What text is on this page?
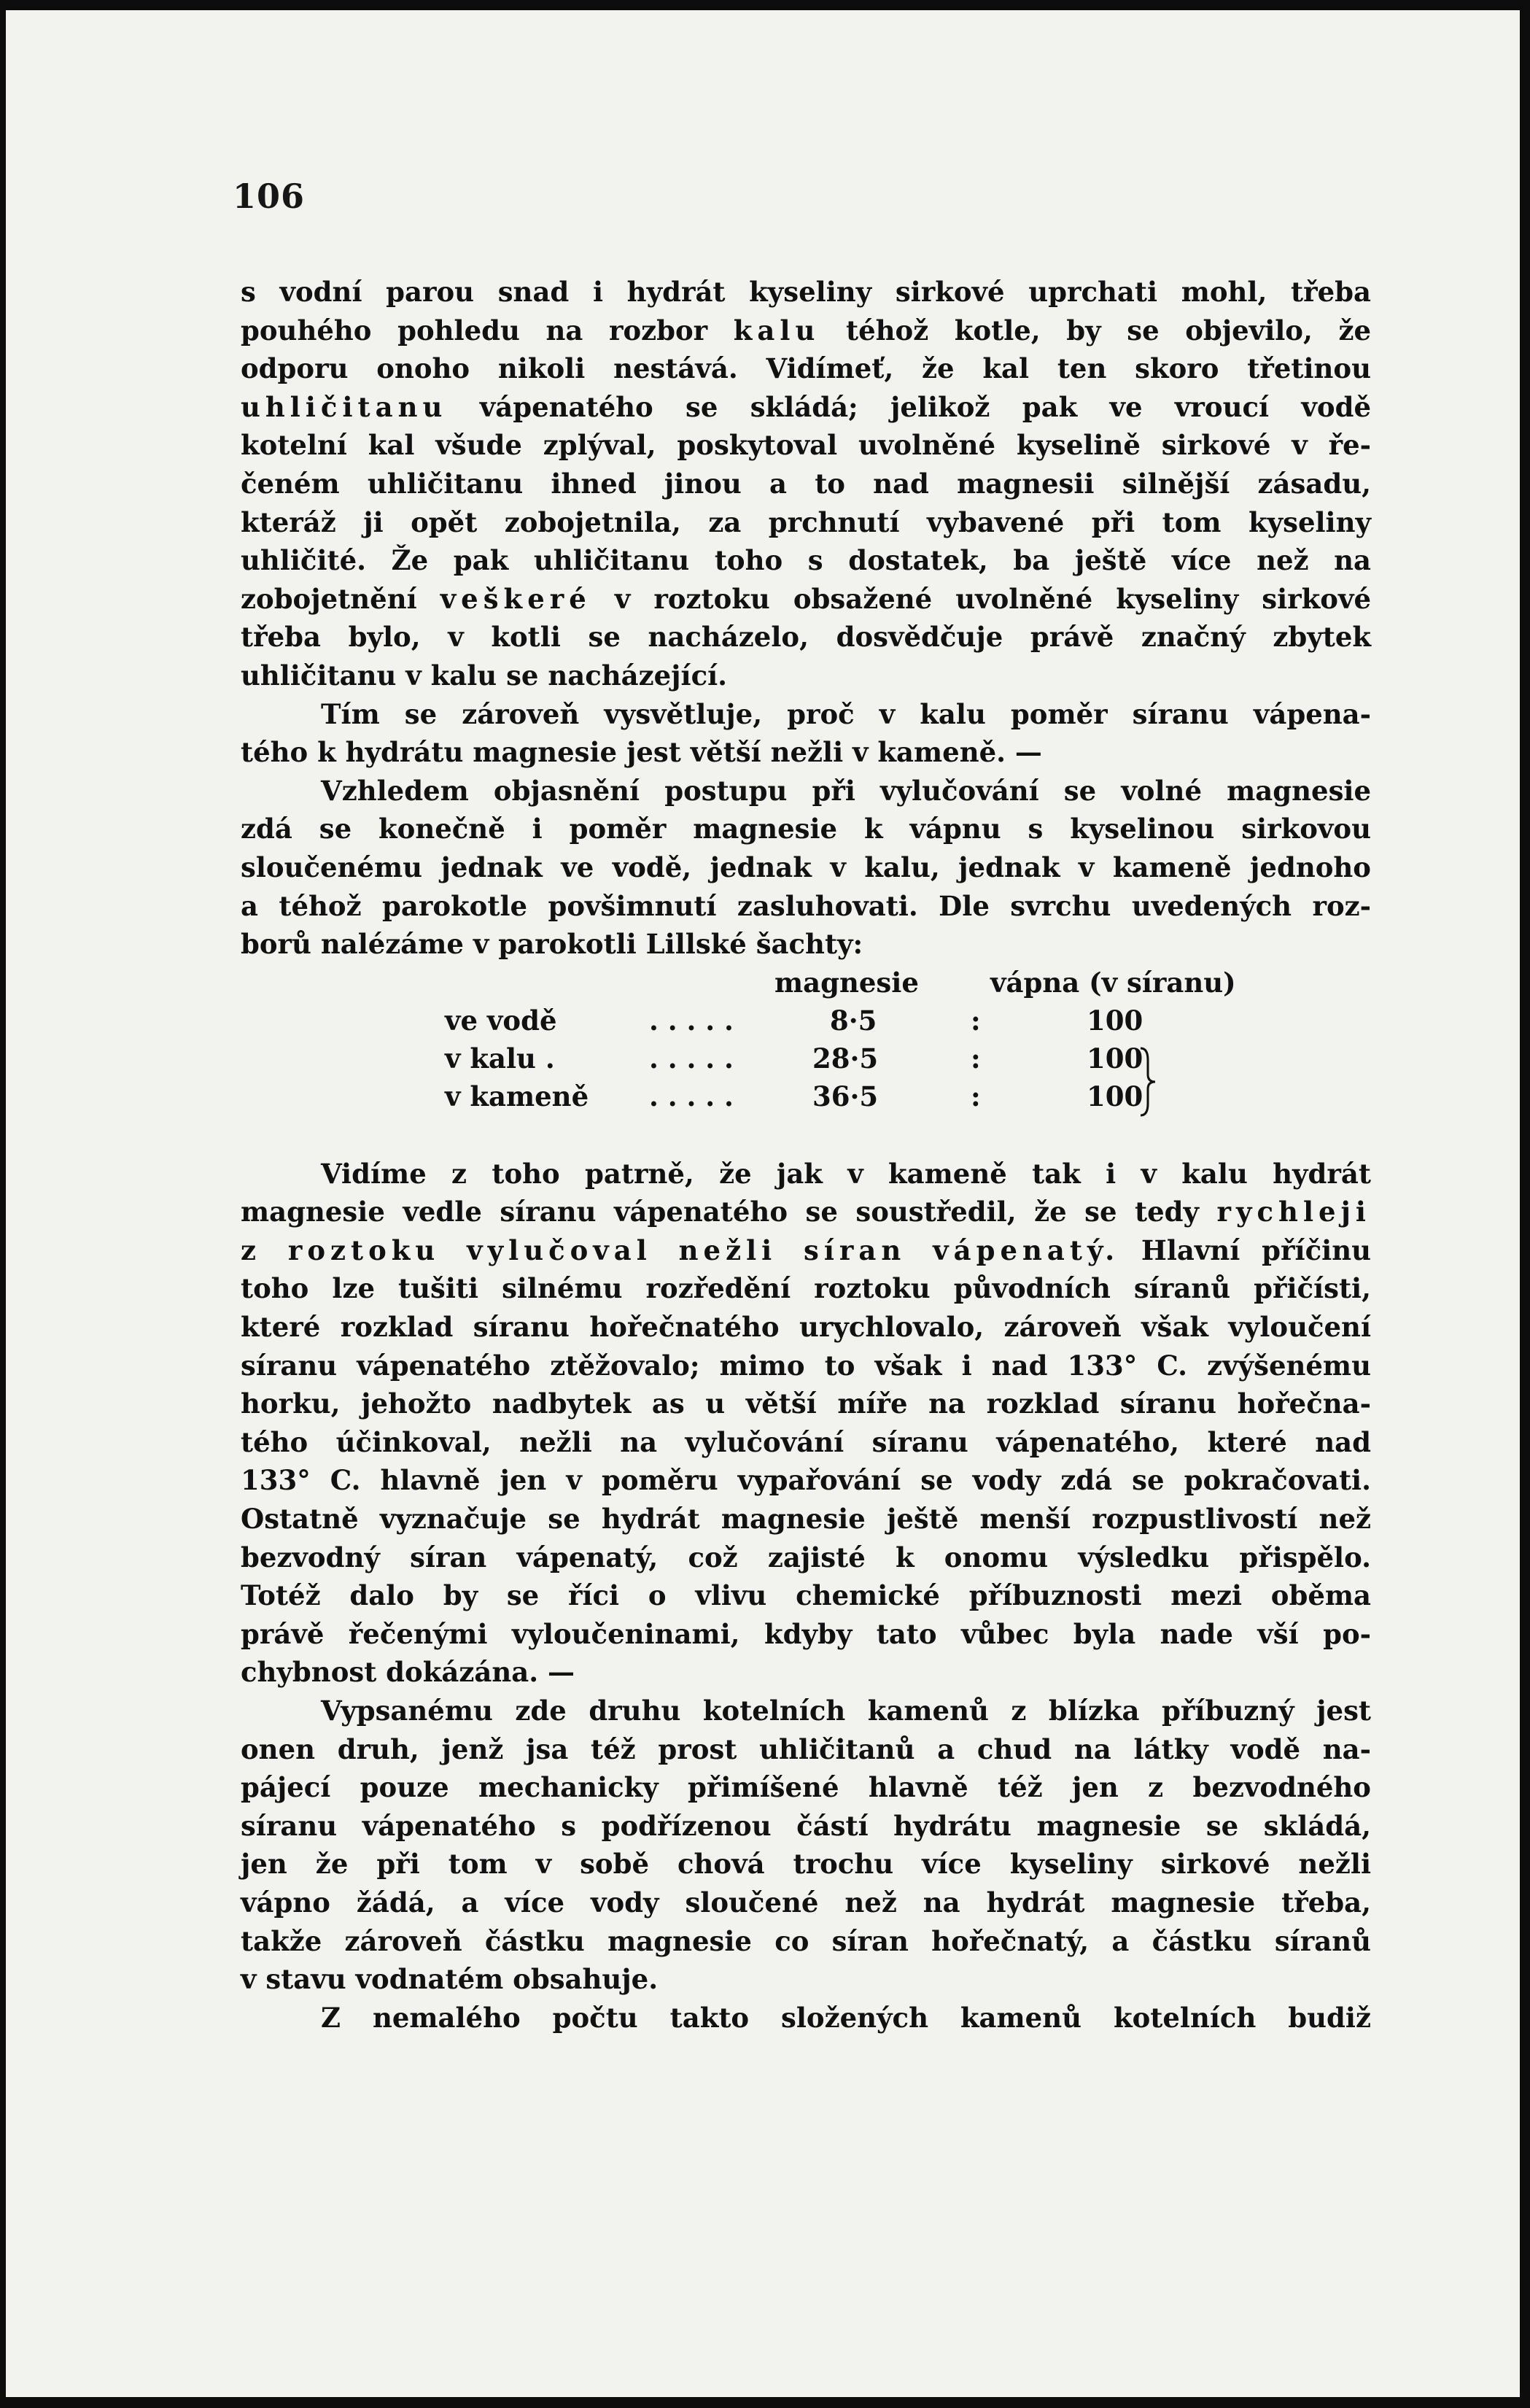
106
s vodní parou snad i hydrát kyseliny sirkové uprchati mohl, třeba
pouhého pohledu na rozbor kalu téhož kotle, by se objevilo, že
odporu onoho nikoli nestává. Vidímeť, že kal ten skoro třetinou
uhličitanu vápenatého se skládá; jelikož pak ve vroucí vodě
kotelní kal všude zplýval, poskytoval uvolněné kyselině sirkové v ře-
čeném uhličitanu ihned jinou a to nad magnesii silnější zásadu,
kteráž ji opět zobojetnila, za prchnutí vybavené při tom kyseliny
uhličité. Že pak uhličitanu toho s dostatek, ba ještě více než na
zobojetnění veškeré v roztoku obsažené uvolněné kyseliny sirkové
třeba bylo, v kotli se nacházelo, dosvědčuje právě značný zbytek
uhličitanu v kalu se nacházející.
Tím se zároveň vysvětluje, proč v kalu poměr síranu vápena-
tého k hydrátu magnesie jest větší nežli v kameně. —
Vzhledem objasnění postupu při vylučování se volné magnesie
zdá se konečně i poměr magnesie k vápnu s kyselinou sirkovou
sloučenému jednak ve vodě, jednak v kalu, jednak v kameně jednoho
a téhož parokotle povšimnutí zasluhovati. Dle svrchu uvedených roz-
borů nalézáme v parokotli Lillské šachty:
magnesie	vápna (v síranu)
ve vodě	. . . . .	8·5	:	100
v kalu .	. . . . .	28·5	:	100
v kameně . . . . .	36·5	:	100
Vidíme z toho patrně, že jak v kameně tak i v kalu hydrát
magnesie vedle síranu vápenatého se soustředil, že se tedy rychleji
z roztoku vylučoval nežli síran vápenatý. Hlavní příčinu
toho lze tušiti silnému rozředění roztoku původních síranů přičísti,
které rozklad síranu hořečnatého urychlovalo, zároveň však vyloučení
síranu vápenatého ztěžovalo; mimo to však i nad 133° C. zvýšenému
horku, jehožto nadbytek as u větší míře na rozklad síranu hořečna-
tého účinkoval, nežli na vylučování síranu vápenatého, které nad
133° C. hlavně jen v poměru vypařování se vody zdá se pokračovati.
Ostatně vyznačuje se hydrát magnesie ještě menší rozpustlivostí než
bezvodný síran vápenatý, což zajisté k onomu výsledku přispělo.
Totéž dalo by se říci o vlivu chemické příbuznosti mezi oběma
právě řečenými vyloučeninami, kdyby tato vůbec byla nade vší po-
chybnost dokázána. —
Vypsanému zde druhu kotelních kamenů z blízka příbuzný jest
onen druh, jenž jsa též prost uhličitanů a chud na látky vodě na-
pájecí pouze mechanicky přimíšené hlavně též jen z bezvodného
síranu vápenatého s podřízenou částí hydrátu magnesie se skládá,
jen že při tom v sobě chová trochu více kyseliny sirkové nežli
vápno žádá, a více vody sloučené než na hydrát magnesie třeba,
takže zároveň částku magnesie co síran hořečnatý, a částku síranů
v stavu vodnatém obsahuje.
Z nemalého počtu takto složených kamenů kotelních budiž
